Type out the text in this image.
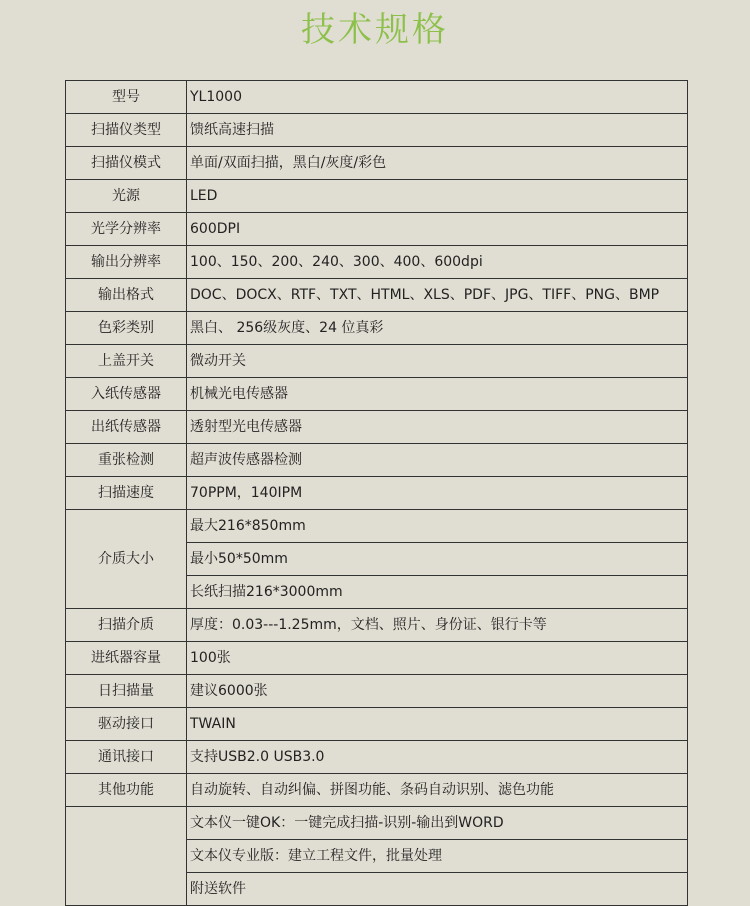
技术规格
型号	YL1000
扫描仪类型	馈纸高速扫描
扫描仪模式	单面/双面扫描，黑白/灰度/彩色
光源	LED
光学分辨率	600DPI
输出分辨率	100、150、200、240、300、400、600dpi
输出格式	DOC、DOCX、RTF、TXT、HTML、XLS、PDF、JPG、TIFF、PNG、BMP
色彩类别	黑白、 256级灰度、24 位真彩
上盖开关	微动开关
入纸传感器	机械光电传感器
出纸传感器	透射型光电传感器
重张检测	超声波传感器检测
扫描速度	70PPM，140IPM
介质大小	最大216*850mm
	最小50*50mm
	长纸扫描216*3000mm
扫描介质	厚度：0.03---1.25mm，文档、照片、身份证、银行卡等
进纸器容量	100张
日扫描量	建议6000张
驱动接口	TWAIN
通讯接口	支持USB2.0 USB3.0
其他功能	自动旋转、自动纠偏、拼图功能、条码自动识别、滤色功能
	文本仪一键OK：一键完成扫描-识别-输出到WORD
	文本仪专业版：建立工程文件，批量处理
	附送软件
